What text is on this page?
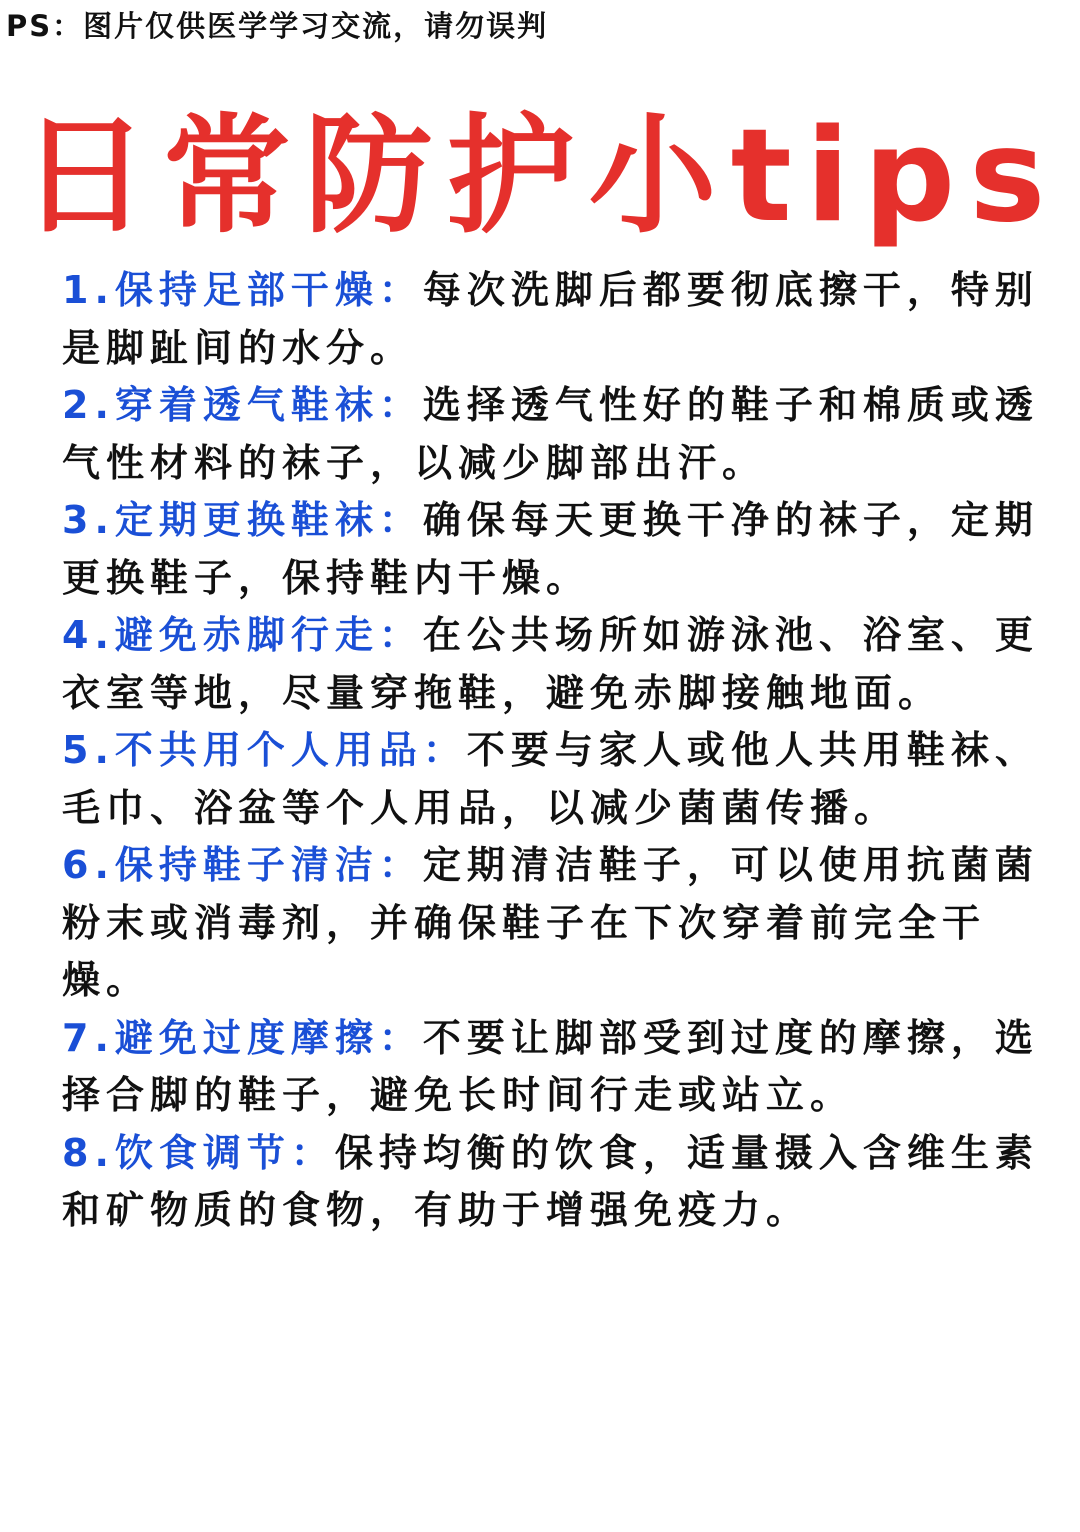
PS：图片仅供医学学习交流，请勿误判
日常防护小tips

1.保持足部干燥：每次洗脚后都要彻底擦干，特别是脚趾间的水分。

2.穿着透气鞋袜：选择透气性好的鞋子和棉质或透气性材料的袜子，以减少脚部出汗。

3.定期更换鞋袜：确保每天更换干净的袜子，定期更换鞋子，保持鞋内干燥。

4.避免赤脚行走：在公共场所如游泳池、浴室、更衣室等地，尽量穿拖鞋，避免赤脚接触地面。

5.不共用个人用品：不要与家人或他人共用鞋袜、毛巾、浴盆等个人用品，以减少菌菌传播。

6.保持鞋子清洁：定期清洁鞋子，可以使用抗菌菌粉末或消毒剂，并确保鞋子在下次穿着前完全干燥。

7.避免过度摩擦：不要让脚部受到过度的摩擦，选择合脚的鞋子，避免长时间行走或站立。

8.饮食调节：保持均衡的饮食，适量摄入含维生素和矿物质的食物，有助于增强免疫力。
